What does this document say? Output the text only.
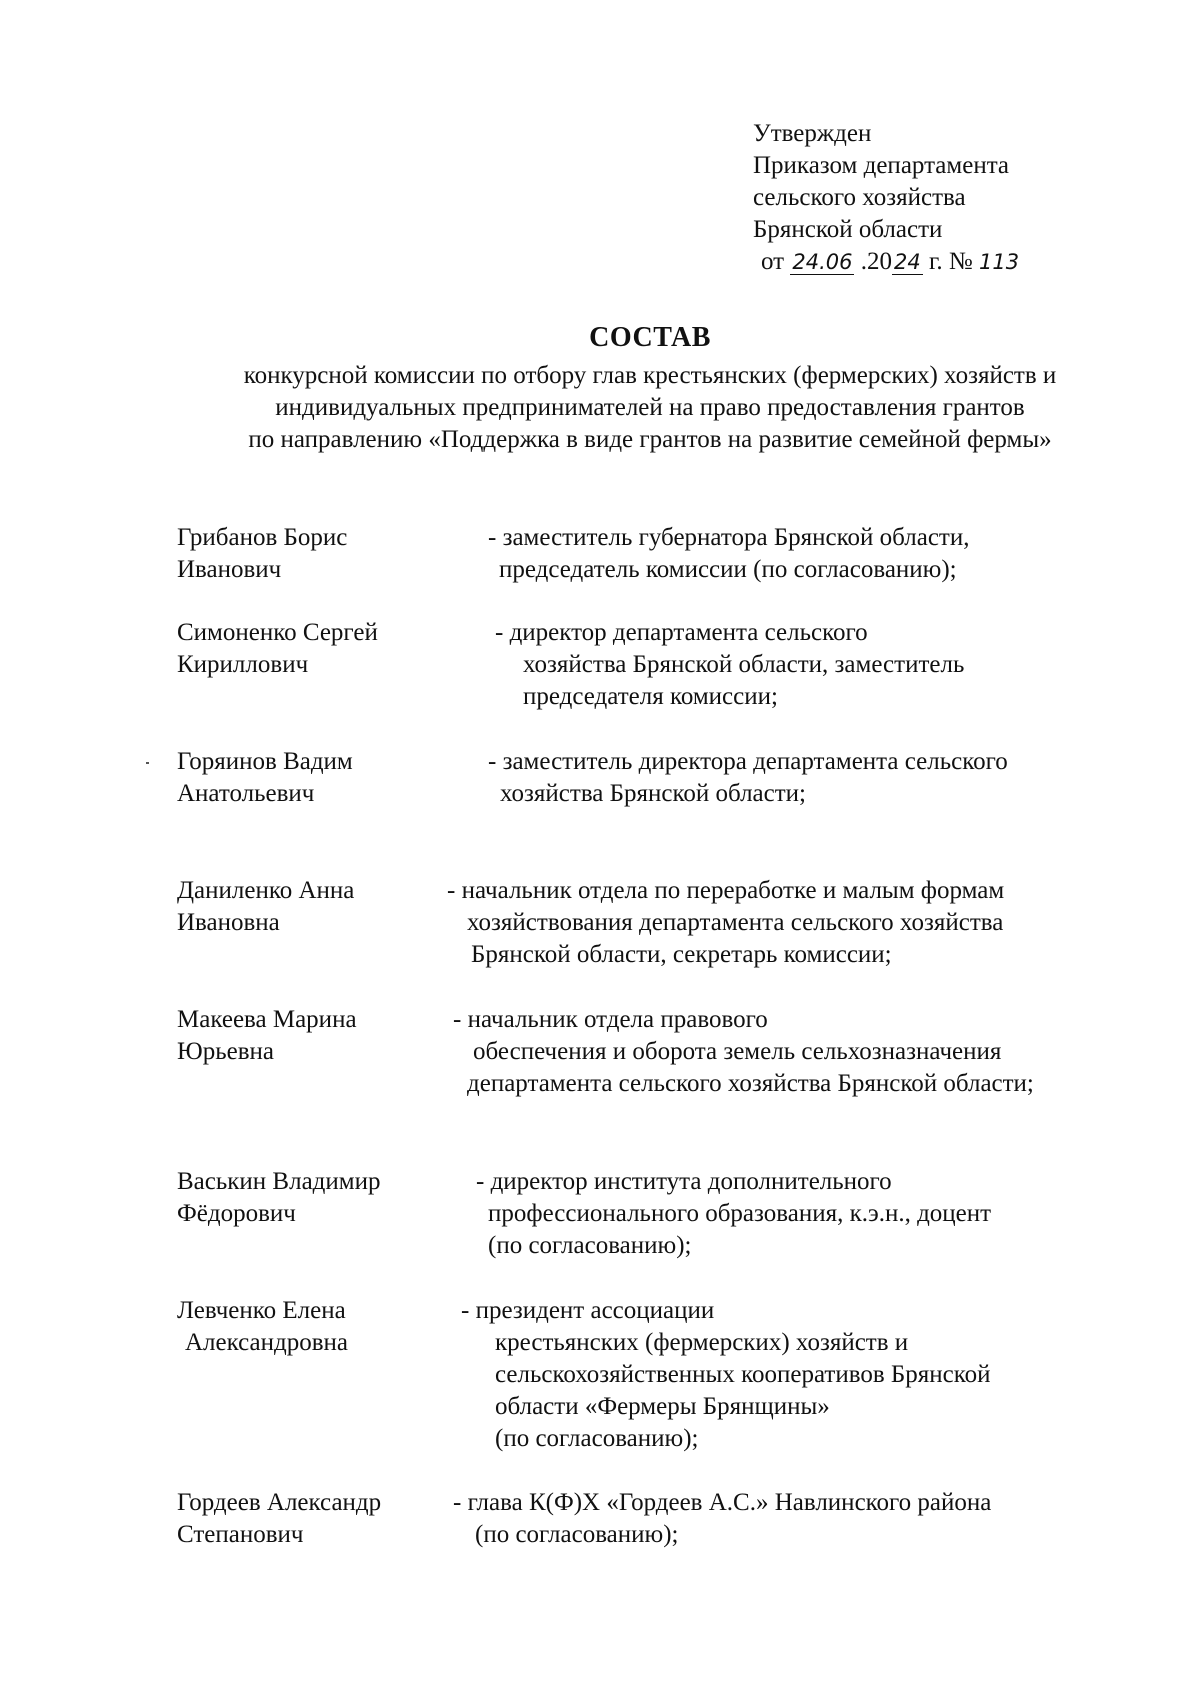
Утвержден
Приказом департамента
сельского хозяйства
Брянской области
от 24.06 .2024 г. № 113
СОСТАВ
конкурсной комиссии по отбору глав крестьянских (фермерских) хозяйств и
индивидуальных предпринимателей на право предоставления грантов
по направлению «Поддержка в виде грантов на развитие семейной фермы»
Грибанов Борис
Иванович
- заместитель губернатора Брянской области,
председатель комиссии (по согласованию);
Симоненко Сергей
Кириллович
- директор департамента сельского
хозяйства Брянской области, заместитель
председателя комиссии;
Горяинов Вадим
Анатольевич
- заместитель директора департамента сельского
хозяйства Брянской области;
Даниленко Анна
Ивановна
- начальник отдела по переработке и малым формам
хозяйствования департамента сельского хозяйства
Брянской области, секретарь комиссии;
Макеева Марина
Юрьевна
- начальник отдела правового
обеспечения и оборота земель сельхозназначения
департамента сельского хозяйства Брянской области;
Васькин Владимир
Фёдорович
- директор института дополнительного
профессионального образования, к.э.н., доцент
(по согласованию);
Левченко Елена
Александровна
- президент ассоциации
крестьянских (фермерских) хозяйств и
сельскохозяйственных кооперативов Брянской
области «Фермеры Брянщины»
(по согласованию);
Гордеев Александр
Степанович
- глава К(Ф)Х «Гордеев А.С.» Навлинского района
(по согласованию);
